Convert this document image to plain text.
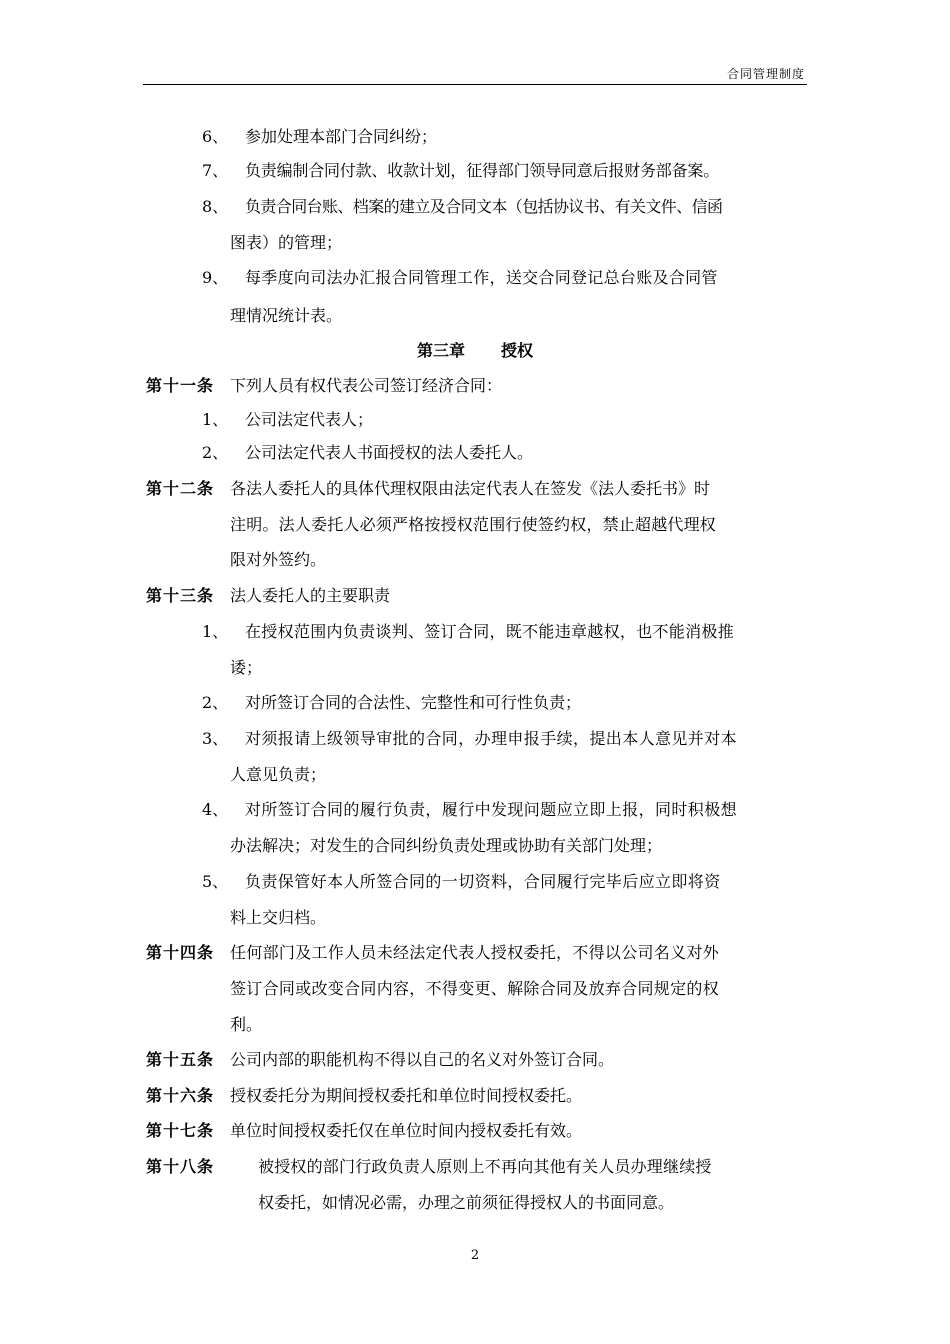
合同管理制度
6、 参加处理本部门合同纠纷；
7、 负责编制合同付款、收款计划，征得部门领导同意后报财务部备案。
8、 负责合同台账、档案的建立及合同文本（包括协议书、有关文件、信函
图表）的管理；
9、 每季度向司法办汇报合同管理工作，送交合同登记总台账及合同管
理情况统计表。
第三章 授权
第十一条 下列人员有权代表公司签订经济合同：
1、 公司法定代表人；
2、 公司法定代表人书面授权的法人委托人。
第十二条 各法人委托人的具体代理权限由法定代表人在签发《法人委托书》时
注明。法人委托人必须严格按授权范围行使签约权，禁止超越代理权
限对外签约。
第十三条 法人委托人的主要职责
1、 在授权范围内负责谈判、签订合同，既不能违章越权，也不能消极推
诿；
2、 对所签订合同的合法性、完整性和可行性负责；
3、 对须报请上级领导审批的合同，办理申报手续，提出本人意见并对本
人意见负责；
4、 对所签订合同的履行负责，履行中发现问题应立即上报，同时积极想
办法解决；对发生的合同纠纷负责处理或协助有关部门处理；
5、 负责保管好本人所签合同的一切资料，合同履行完毕后应立即将资
料上交归档。
第十四条 任何部门及工作人员未经法定代表人授权委托，不得以公司名义对外
签订合同或改变合同内容，不得变更、解除合同及放弃合同规定的权
利。
第十五条 公司内部的职能机构不得以自己的名义对外签订合同。
第十六条 授权委托分为期间授权委托和单位时间授权委托。
第十七条 单位时间授权委托仅在单位时间内授权委托有效。
第十八条	被授权的部门行政负责人原则上不再向其他有关人员办理继续授
权委托，如情况必需，办理之前须征得授权人的书面同意。
2
